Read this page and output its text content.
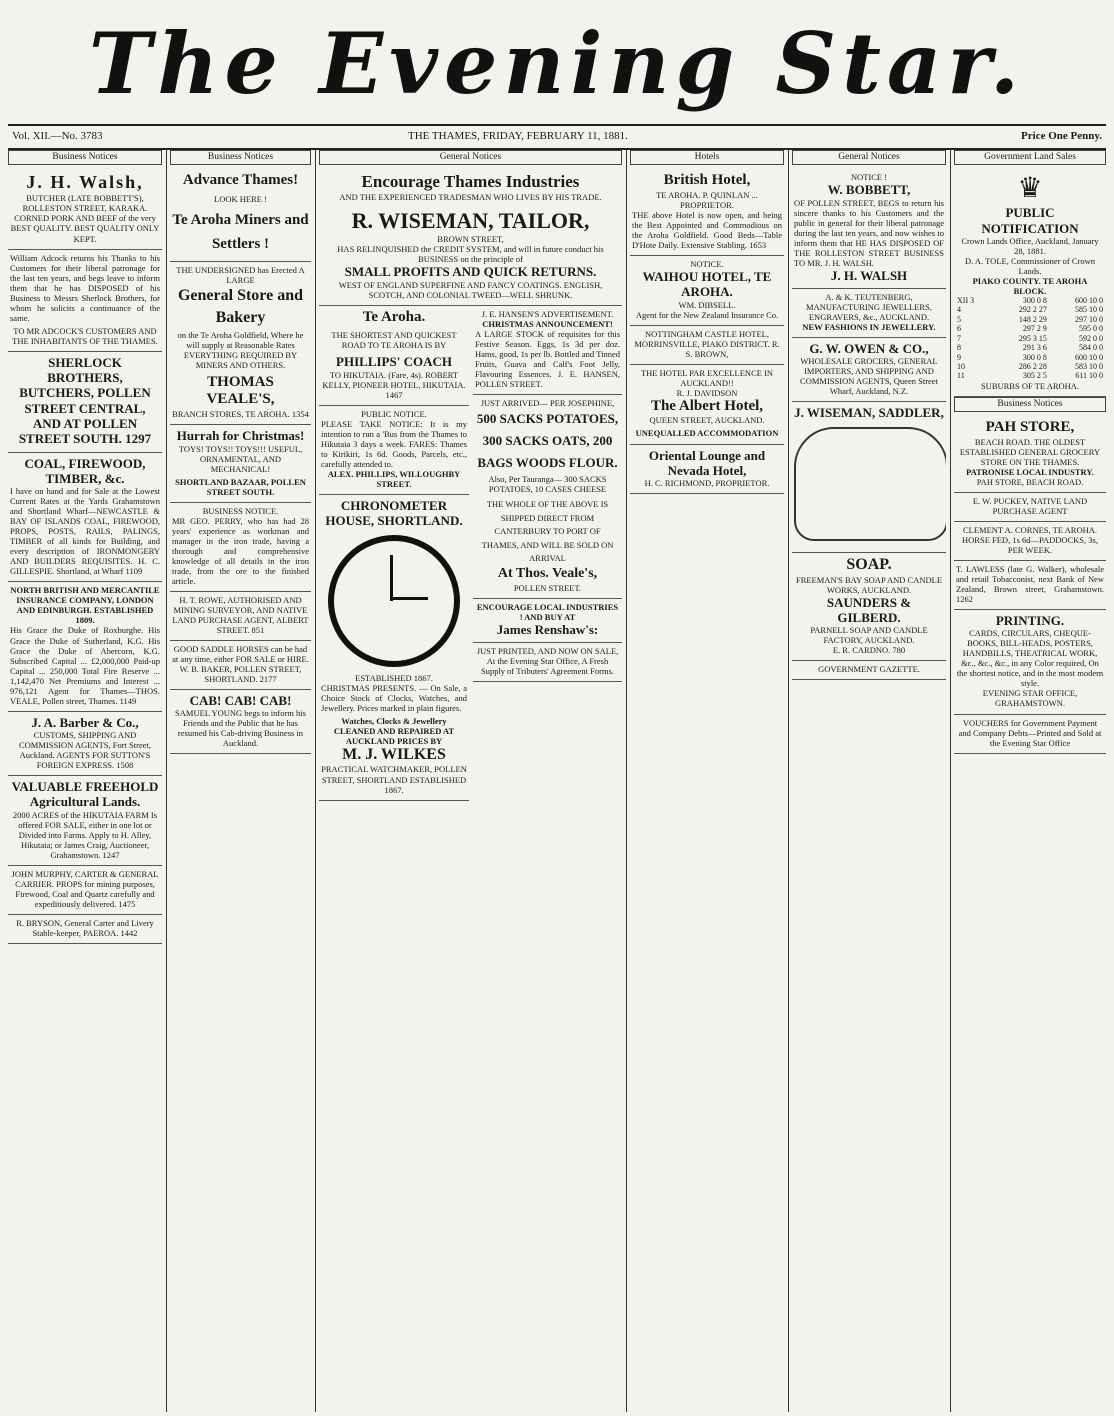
The Evening Star.
Vol. XII.—No. 3783	THE THAMES, FRIDAY, FEBRUARY 11, 1881.	Price One Penny.
Business Notices
J. H. Walsh,
BUTCHER (LATE BOBBETT'S), ROLLESTON STREET, KARAKA. CORNED PORK AND BEEF of the very BEST QUALITY. BEST QUALITY ONLY KEPT.
William Adcock returns his Thanks to his Customers for their liberal patronage for the last ten years, and begs leave to inform them that he has DISPOSED of his Business to Messrs Sherlock Brothers, for whom he solicits a continuance of the same.
TO MR ADCOCK'S CUSTOMERS AND THE INHABITANTS OF THE THAMES.
SHERLOCK BROTHERS, BUTCHERS, POLLEN STREET CENTRAL, AND AT POLLEN STREET SOUTH. 1297
COAL, FIREWOOD, TIMBER, &c.
I have on hand and for Sale at the Lowest Current Rates at the Yards Grahamstown and Shortland Wharf—NEWCASTLE & BAY OF ISLANDS COAL, FIREWOOD, PROPS, POSTS, RAILS, PALINGS, TIMBER of all kinds for Building, and every description of IRONMONGERY AND BUILDERS REQUISITES. H. C. GILLESPIE. Shortland, at Wharf 1109
NORTH BRITISH AND MERCANTILE INSURANCE COMPANY, LONDON AND EDINBURGH. ESTABLISHED 1809.
His Grace the Duke of Roxburghe. His Grace the Duke of Sutherland, K.G. His Grace the Duke of Abercorn, K.G. Subscribed Capital ... £2,000,000 Paid-up Capital ... 250,000 Total Fire Reserve ... 1,142,470 Net Premiums and Interest ... 976,121 Agent for Thames—THOS. VEALE, Pollen street, Thames. 1149
J. A. Barber & Co.,
CUSTOMS, SHIPPING AND COMMISSION AGENTS, Fort Street, Auckland. AGENTS FOR SUTTON'S FOREIGN EXPRESS. 1508
VALUABLE FREEHOLD Agricultural Lands.
2000 ACRES of the HIKUTAIA FARM Is offered FOR SALE, either in one lot or Divided into Farms. Apply to H. Alley, Hikutaia; or James Craig, Auctioneer, Grahamstown. 1247
JOHN MURPHY, CARTER & GENERAL CARRIER. PROPS for mining purposes, Firewood, Coal and Quartz carefully and expeditiously delivered. 1475
R. BRYSON, General Carter and Livery Stable-keeper, PAEROA. 1442
Business Notices
Advance Thames!
LOOK HERE !
Te Aroha Miners and Settlers !
THE UNDERSIGNED has Erected A LARGE
General Store and Bakery
on the Te Aroha Goldfield, Where he will supply at Reasonable Rates EVERYTHING REQUIRED BY MINERS AND OTHERS.
THOMAS VEALE'S,
BRANCH STORES, TE AROHA. 1354
Hurrah for Christmas!
TOYS! TOYS!! TOYS!!! USEFUL, ORNAMENTAL, AND MECHANICAL!
SHORTLAND BAZAAR, POLLEN STREET SOUTH.
BUSINESS NOTICE.
MR GEO. PERRY, who has had 28 years' experience as workman and manager in the iron trade, having a thorough and comprehensive knowledge of all details in the iron trade, from the ore to the finished article.
H. T. ROWE, AUTHORISED AND MINING SURVEYOR, AND NATIVE LAND PURCHASE AGENT, ALBERT STREET. 851
GOOD SADDLE HORSES can be had at any time, either FOR SALE or HIRE. W. B. BAKER, POLLEN STREET, SHORTLAND. 2177
CAB! CAB! CAB!
SAMUEL YOUNG begs to inform his Friends and the Public that he has resumed his Cab-driving Business in Auckland.
General Notices
Encourage Thames Industries
AND THE EXPERIENCED TRADESMAN WHO LIVES BY HIS TRADE.
R. WISEMAN, TAILOR,
BROWN STREET,
HAS RELINQUISHED the CREDIT SYSTEM, and will in future conduct his BUSINESS on the principle of
SMALL PROFITS AND QUICK RETURNS.
WEST OF ENGLAND SUPERFINE AND FANCY COATINGS. ENGLISH, SCOTCH, AND COLONIAL TWEED—WELL SHRUNK.
Te Aroha.
THE SHORTEST AND QUICKEST ROAD TO TE AROHA IS BY
PHILLIPS' COACH
TO HIKUTAIA. (Fare, 4s). ROBERT KELLY, PIONEER HOTEL, HIKUTAIA. 1467
PUBLIC NOTICE.
PLEASE TAKE NOTICE: It is my intention to run a 'Bus from the Thames to Hikutaia 3 days a week. FARES: Thames to Kirikiri, 1s 6d. Goods, Parcels, etc., carefully attended to.
ALEX. PHILLIPS, WILLOUGHBY STREET.
CHRONOMETER HOUSE, SHORTLAND.
ESTABLISHED 1867.
CHRISTMAS PRESENTS. — On Sale, a Choice Stock of Clocks, Watches, and Jewellery. Prices marked in plain figures.
Watches, Clocks & Jewellery CLEANED AND REPAIRED AT AUCKLAND PRICES BY
M. J. WILKES
PRACTICAL WATCHMAKER, POLLEN STREET, SHORTLAND ESTABLISHED 1867.
J. E. HANSEN'S ADVERTISEMENT.
CHRISTMAS ANNOUNCEMENT!
A LARGE STOCK of requisites for this Festive Season. Eggs, 1s 3d per doz. Hams, good, 1s per lb. Bottled and Tinned Fruits, Guava and Calf's Foot Jelly, Flavouring Essences. J. E. HANSEN, POLLEN STREET.
JUST ARRIVED— PER JOSEPHINE,
500 SACKS POTATOES, 300 SACKS OATS, 200 BAGS WOODS FLOUR.
Also, Per Tauranga— 300 SACKS POTATOES, 10 CASES CHEESE
THE WHOLE OF THE ABOVE IS SHIPPED DIRECT FROM CANTERBURY TO PORT OF THAMES, AND WILL BE SOLD ON ARRIVAL
At Thos. Veale's,
POLLEN STREET.
ENCOURAGE LOCAL INDUSTRIES ! AND BUY AT
James Renshaw's:
JUST PRINTED, AND NOW ON SALE, At the Evening Star Office, A Fresh Supply of Tributers' Agreement Forms.
Hotels
British Hotel,
TE AROHA. P. QUINLAN ... PROPRIETOR.
THE above Hotel is now open, and being the Best Appointed and Commodious on the Aroha Goldfield. Good Beds—Table D'Hote Daily. Extensive Stabling. 1653
NOTICE.
WAIHOU HOTEL, TE AROHA.
WM. DIBSELL.
Agent for the New Zealand Insurance Co.
NOTTINGHAM CASTLE HOTEL, MORRINSVILLE, PIAKO DISTRICT. R. S. BROWN,
THE HOTEL PAR EXCELLENCE IN AUCKLAND!!
R. J. DAVIDSON
The Albert Hotel,
QUEEN STREET, AUCKLAND.
UNEQUALLED ACCOMMODATION
Oriental Lounge and Nevada Hotel,
H. C. RICHMOND, PROPRIETOR.
General Notices
NOTICE !
W. BOBBETT,
OF POLLEN STREET, BEGS to return his sincere thanks to his Customers and the public in general for their liberal patronage during the last ten years, and now wishes to inform them that HE HAS DISPOSED OF THE ROLLESTON STREET BUSINESS TO MR. J. H. WALSH.
J. H. WALSH
A. & K. TEUTENBERG, MANUFACTURING JEWELLERS, ENGRAVERS, &c., AUCKLAND.
NEW FASHIONS IN JEWELLERY.
G. W. OWEN & CO.,
WHOLESALE GROCERS, GENERAL IMPORTERS, AND SHIPPING AND COMMISSION AGENTS, Queen Street Wharf, Auckland, N.Z.
J. WISEMAN, SADDLER,
SOAP.
FREEMAN'S BAY SOAP AND CANDLE WORKS, AUCKLAND.
SAUNDERS & GILBERD.
PARNELL SOAP AND CANDLE FACTORY, AUCKLAND.
E. R. CARDNO. 780
GOVERNMENT GAZETTE.
Government Land Sales
♛
PUBLIC NOTIFICATION
Crown Lands Office, Auckland, January 28, 1881.
D. A. TOLE, Commissioner of Crown Lands.
PIAKO COUNTY. TE AROHA BLOCK.
XII 3	300 0 8	600 10 0
4	292 2 27	585 10 0
5	148 2 29	297 10 0
6	297 2 9	595 0 0
7	295 3 15	592 0 0
8	291 3 6	584 0 0
9	300 0 8	600 10 0
10	286 2 28	583 10 0
11	305 2 5	611 10 0
SUBURBS OF TE AROHA.
Business Notices
PAH STORE,
BEACH ROAD. THE OLDEST ESTABLISHED GENERAL GROCERY STORE ON THE THAMES.
PATRONISE LOCAL INDUSTRY.
PAH STORE, BEACH ROAD.
E. W. PUCKEY, NATIVE LAND PURCHASE AGENT
CLEMENT A. CORNES, TE AROHA.
HORSE FED, 1s 6d—PADDOCKS, 3s, PER WEEK.
T. LAWLESS (late G. Walker), wholesale and retail Tobacconist, next Bank of New Zealand, Brown street, Grahamstown. 1262
PRINTING.
CARDS, CIRCULARS, CHEQUE-BOOKS, BILL-HEADS, POSTERS, HANDBILLS, THEATRICAL WORK, &c., &c., &c., in any Color required, On the shortest notice, and in the most modern style.
EVENING STAR OFFICE, GRAHAMSTOWN.
VOUCHERS for Government Payment and Company Debts—Printed and Sold at the Evening Star Office
